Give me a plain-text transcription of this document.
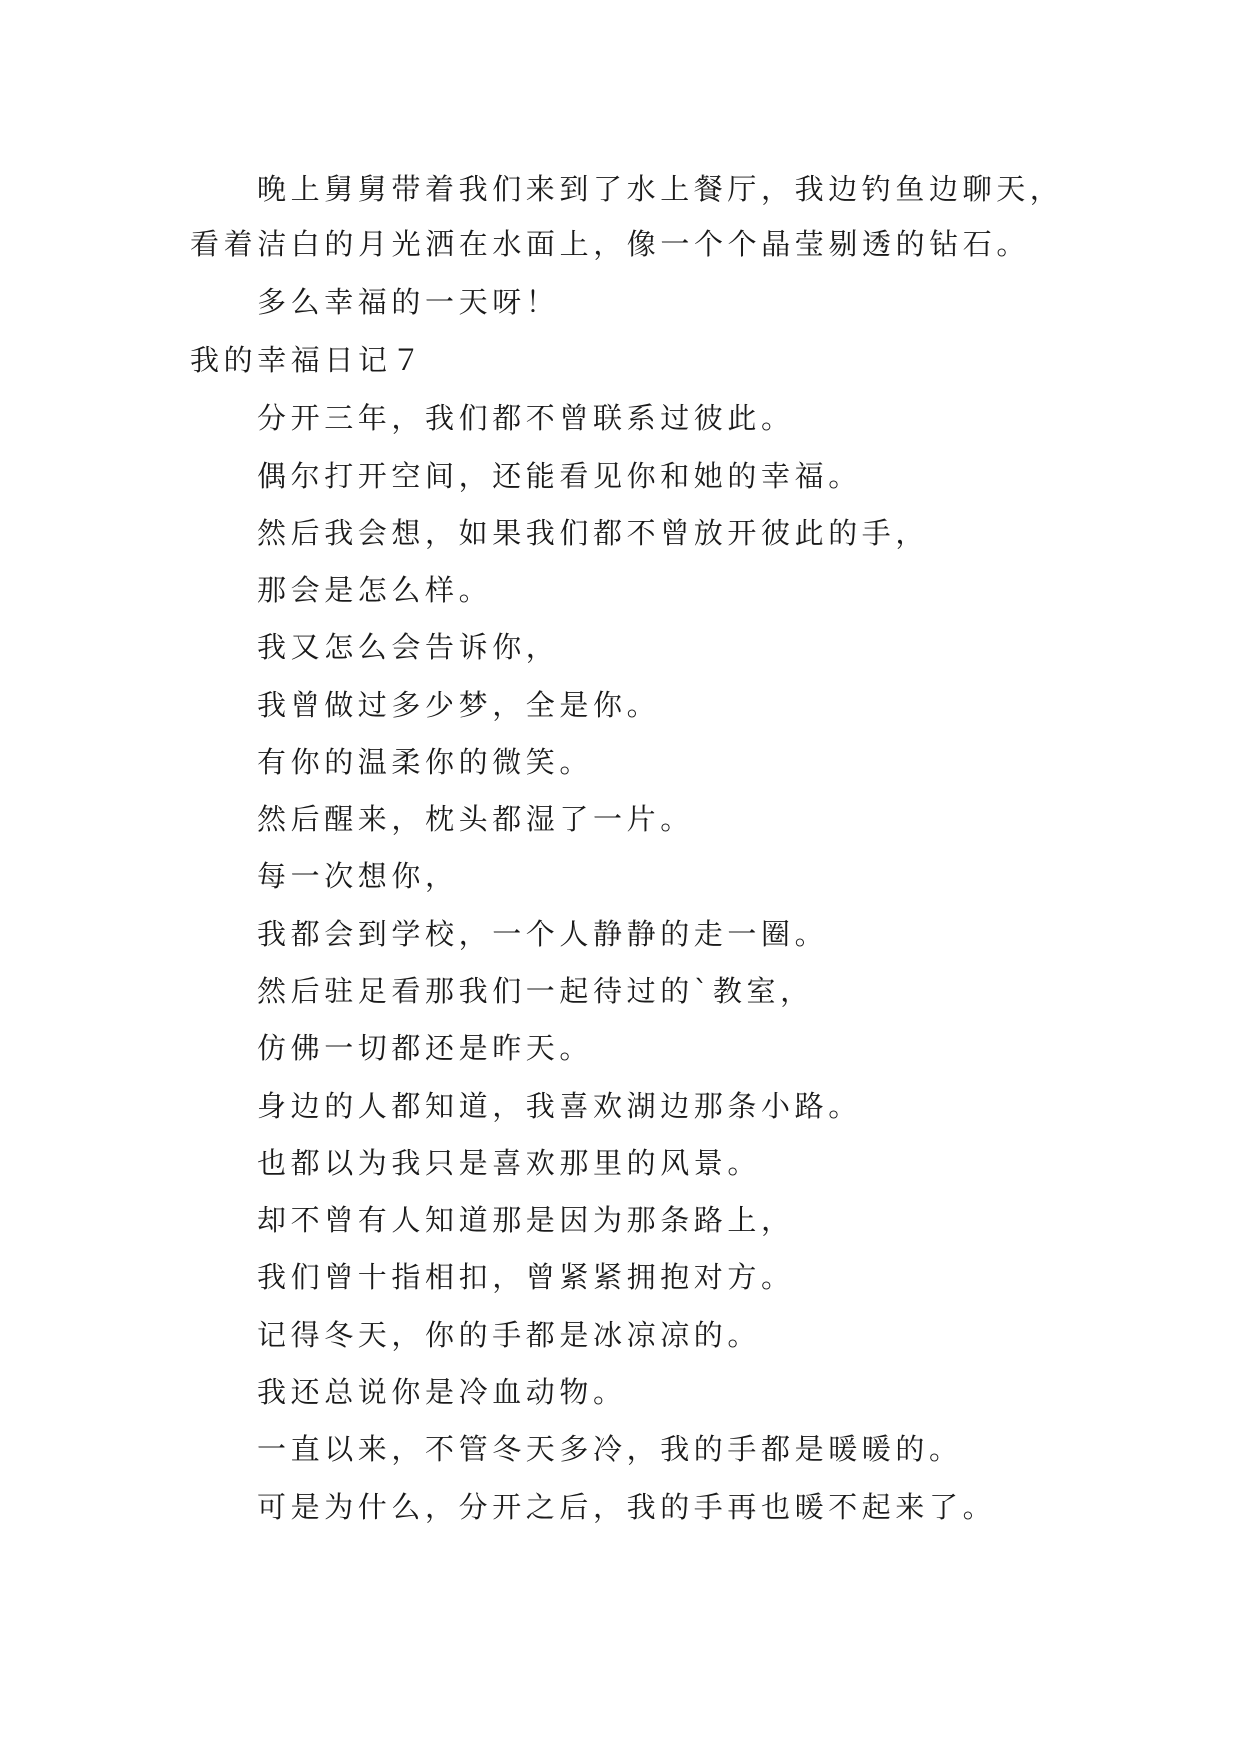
晚上舅舅带着我们来到了水上餐厅，我边钓鱼边聊天，
看着洁白的月光洒在水面上，像一个个晶莹剔透的钻石。
多么幸福的一天呀！
我的幸福日记７
分开三年，我们都不曾联系过彼此。
偶尔打开空间，还能看见你和她的幸福。
然后我会想，如果我们都不曾放开彼此的手，
那会是怎么样。
我又怎么会告诉你，
我曾做过多少梦，全是你。
有你的温柔你的微笑。
然后醒来，枕头都湿了一片。
每一次想你，
我都会到学校，一个人静静的走一圈。
然后驻足看那我们一起待过的`教室，
仿佛一切都还是昨天。
身边的人都知道，我喜欢湖边那条小路。
也都以为我只是喜欢那里的风景。
却不曾有人知道那是因为那条路上，
我们曾十指相扣，曾紧紧拥抱对方。
记得冬天，你的手都是冰凉凉的。
我还总说你是冷血动物。
一直以来，不管冬天多冷，我的手都是暖暖的。
可是为什么，分开之后，我的手再也暖不起来了。
